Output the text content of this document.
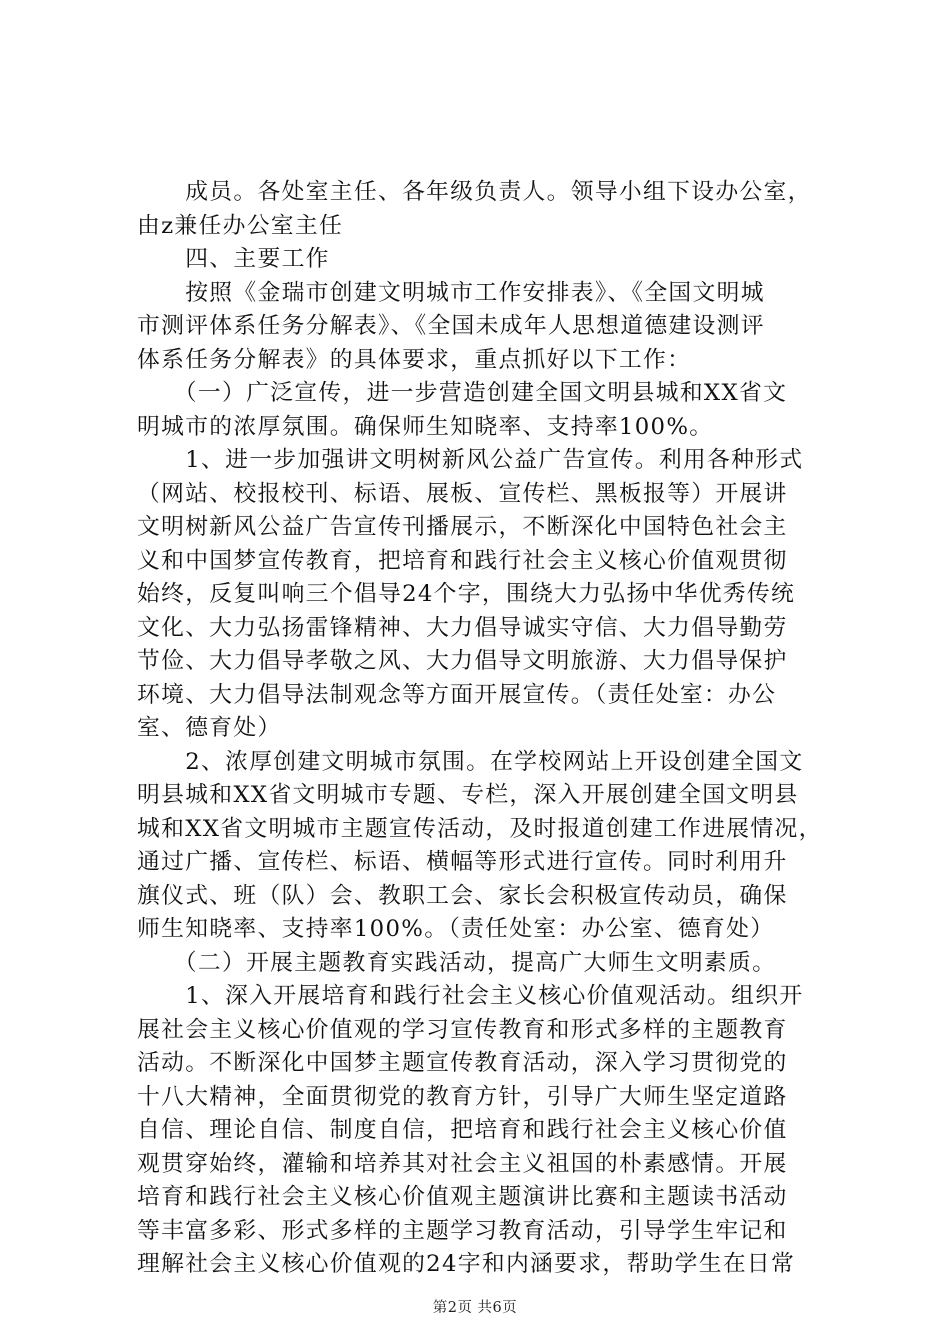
　　成员。各处室主任、各年级负责人。领导小组下设办公室，
由z兼任办公室主任
　　四、主要工作
　　按照《金瑞市创建文明城市工作安排表》、《全国文明城
市测评体系任务分解表》、《全国未成年人思想道德建设测评
体系任务分解表》的具体要求，重点抓好以下工作：
　　（一）广泛宣传，进一步营造创建全国文明县城和XX省文
明城市的浓厚氛围。确保师生知晓率、支持率100%。
　　1、进一步加强讲文明树新风公益广告宣传。利用各种形式
（网站、校报校刊、标语、展板、宣传栏、黑板报等）开展讲
文明树新风公益广告宣传刊播展示，不断深化中国特色社会主
义和中国梦宣传教育，把培育和践行社会主义核心价值观贯彻
始终，反复叫响三个倡导24个字，围绕大力弘扬中华优秀传统
文化、大力弘扬雷锋精神、大力倡导诚实守信、大力倡导勤劳
节俭、大力倡导孝敬之风、大力倡导文明旅游、大力倡导保护
环境、大力倡导法制观念等方面开展宣传。（责任处室：办公
室、德育处）
　　2、浓厚创建文明城市氛围。在学校网站上开设创建全国文
明县城和XX省文明城市专题、专栏，深入开展创建全国文明县
城和XX省文明城市主题宣传活动，及时报道创建工作进展情况，
通过广播、宣传栏、标语、横幅等形式进行宣传。同时利用升
旗仪式、班（队）会、教职工会、家长会积极宣传动员，确保
师生知晓率、支持率100%。（责任处室：办公室、德育处）
　　（二）开展主题教育实践活动，提高广大师生文明素质。
　　1、深入开展培育和践行社会主义核心价值观活动。组织开
展社会主义核心价值观的学习宣传教育和形式多样的主题教育
活动。不断深化中国梦主题宣传教育活动，深入学习贯彻党的
十八大精神，全面贯彻党的教育方针，引导广大师生坚定道路
自信、理论自信、制度自信，把培育和践行社会主义核心价值
观贯穿始终，灌输和培养其对社会主义祖国的朴素感情。开展
培育和践行社会主义核心价值观主题演讲比赛和主题读书活动
等丰富多彩、形式多样的主题学习教育活动，引导学生牢记和
理解社会主义核心价值观的24字和内涵要求，帮助学生在日常
第2页 共6页
